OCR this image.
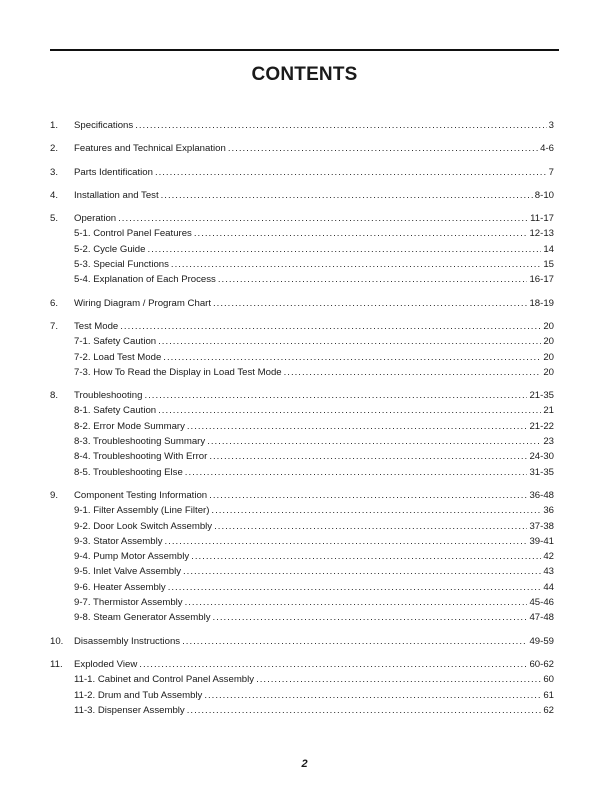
CONTENTS
1.	Specifications .....	3
2.	Features and Technical Explanation .....	4-6
3.	Parts Identification .....	7
4.	Installation and Test .....	8-10
5.	Operation .....	11-17
5-1. Control Panel Features .....	12-13
5-2. Cycle Guide .....	14
5-3. Special Functions .....	15
5-4. Explanation of Each Process .....	16-17
6.	Wiring Diagram / Program Chart .....	18-19
7.	Test Mode .....	20
7-1. Safety Caution .....	20
7-2. Load Test Mode .....	20
7-3. How To Read the Display in Load Test Mode .....	20
8.	Troubleshooting .....	21-35
8-1. Safety Caution .....	21
8-2. Error Mode Summary .....	21-22
8-3. Troubleshooting Summary .....	23
8-4. Troubleshooting With Error .....	24-30
8-5. Troubleshooting Else .....	31-35
9.	Component Testing Information .....	36-48
9-1. Filter Assembly (Line Filter) .....	36
9-2. Door Look Switch Assembly .....	37-38
9-3. Stator Assembly .....	39-41
9-4. Pump Motor Assembly .....	42
9-5. Inlet Valve Assembly .....	43
9-6. Heater Assembly .....	44
9-7. Thermistor Assembly .....	45-46
9-8. Steam Generator Assembly .....	47-48
10.	Disassembly Instructions .....	49-59
11.	Exploded View .....	60-62
11-1. Cabinet and Control Panel Assembly .....	60
11-2. Drum and Tub Assembly .....	61
11-3. Dispenser Assembly .....	62
2
